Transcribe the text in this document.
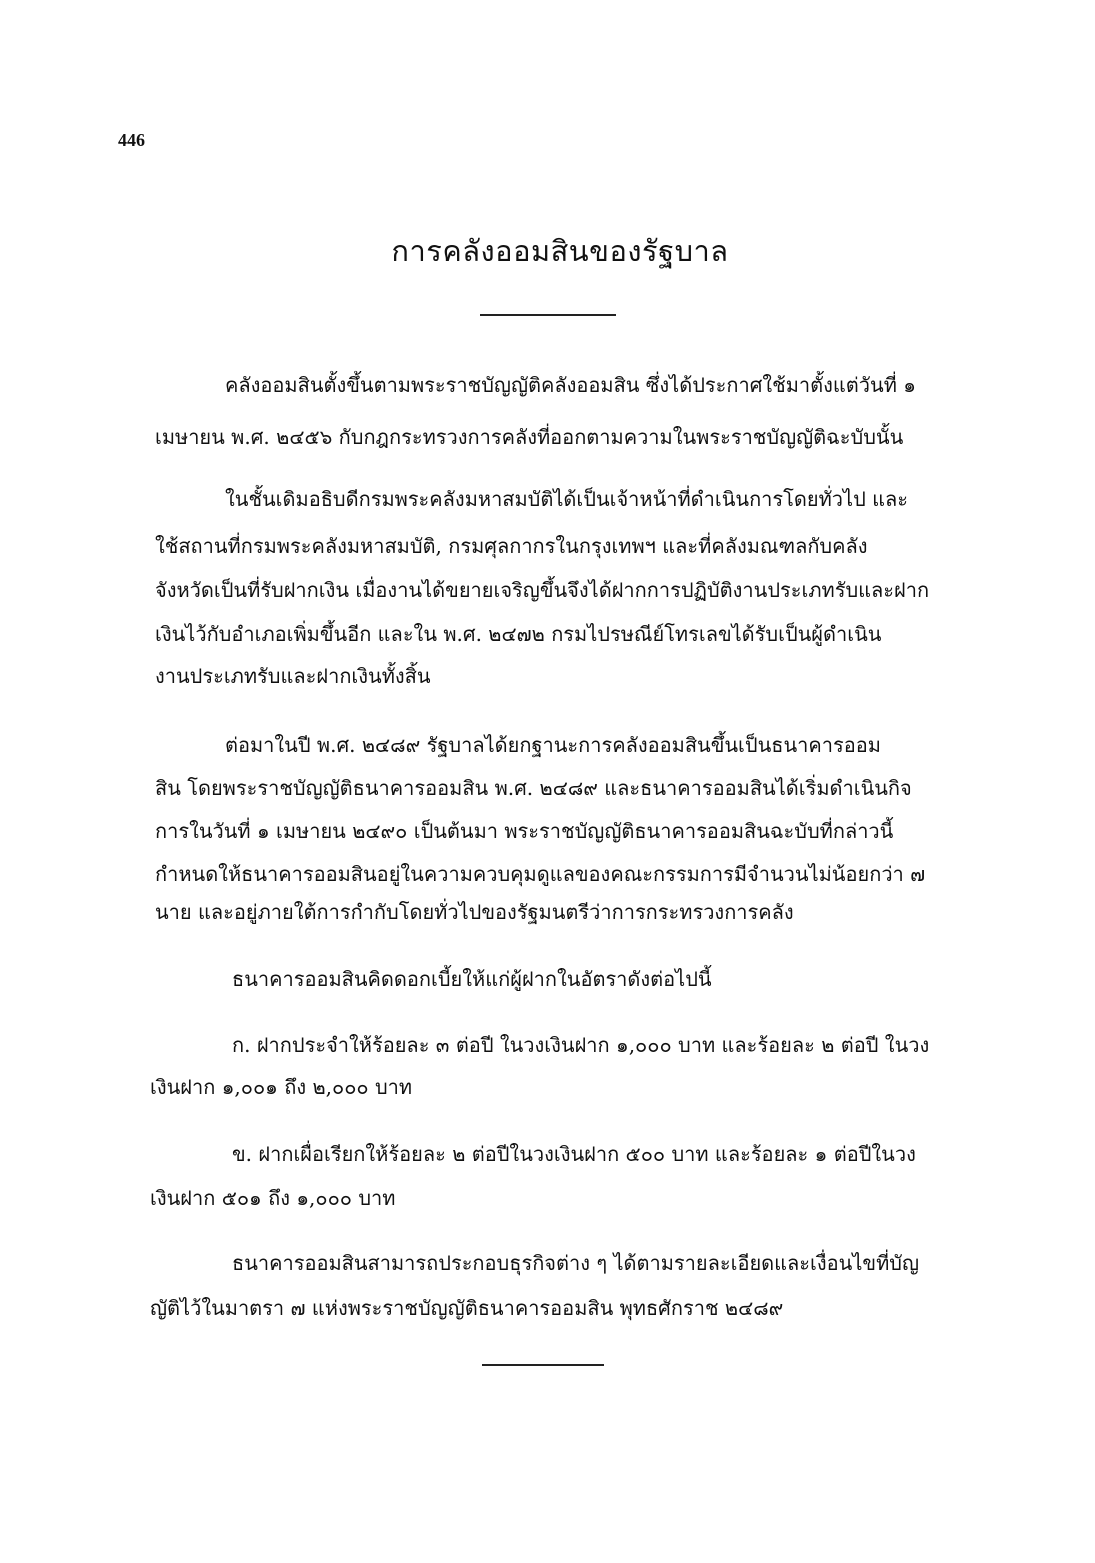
446
การคลังออมสินของรัฐบาล
คลังออมสินตั้งขึ้นตามพระราชบัญญัติคลังออมสิน ซึ่งได้ประกาศใช้มาตั้งแต่วันที่ ๑
เมษายน พ.ศ. ๒๔๕๖ กับกฎกระทรวงการคลังที่ออกตามความในพระราชบัญญัติฉะบับนั้น
ในชั้นเดิมอธิบดีกรมพระคลังมหาสมบัติได้เป็นเจ้าหน้าที่ดำเนินการโดยทั่วไป และ
ใช้สถานที่กรมพระคลังมหาสมบัติ, กรมศุลกากรในกรุงเทพฯ และที่คลังมณฑลกับคลัง
จังหวัดเป็นที่รับฝากเงิน เมื่องานได้ขยายเจริญขึ้นจึงได้ฝากการปฏิบัติงานประเภทรับและฝาก
เงินไว้กับอำเภอเพิ่มขึ้นอีก และใน พ.ศ. ๒๔๗๒ กรมไปรษณีย์โทรเลขได้รับเป็นผู้ดำเนิน
งานประเภทรับและฝากเงินทั้งสิ้น
ต่อมาในปี พ.ศ. ๒๔๘๙ รัฐบาลได้ยกฐานะการคลังออมสินขึ้นเป็นธนาคารออม
สิน โดยพระราชบัญญัติธนาคารออมสิน พ.ศ. ๒๔๘๙ และธนาคารออมสินได้เริ่มดำเนินกิจ
การในวันที่ ๑ เมษายน ๒๔๙๐ เป็นต้นมา พระราชบัญญัติธนาคารออมสินฉะบับที่กล่าวนี้
กำหนดให้ธนาคารออมสินอยู่ในความควบคุมดูแลของคณะกรรมการมีจำนวนไม่น้อยกว่า ๗
นาย และอยู่ภายใต้การกำกับโดยทั่วไปของรัฐมนตรีว่าการกระทรวงการคลัง
ธนาคารออมสินคิดดอกเบี้ยให้แก่ผู้ฝากในอัตราดังต่อไปนี้
ก. ฝากประจำให้ร้อยละ ๓ ต่อปี ในวงเงินฝาก ๑,๐๐๐ บาท และร้อยละ ๒ ต่อปี ในวง
เงินฝาก ๑,๐๐๑ ถึง ๒,๐๐๐ บาท
ข. ฝากเผื่อเรียกให้ร้อยละ ๒ ต่อปีในวงเงินฝาก ๕๐๐ บาท และร้อยละ ๑ ต่อปีในวง
เงินฝาก ๕๐๑ ถึง ๑,๐๐๐ บาท
ธนาคารออมสินสามารถประกอบธุรกิจต่าง ๆ ได้ตามรายละเอียดและเงื่อนไขที่บัญ
ญัติไว้ในมาตรา ๗ แห่งพระราชบัญญัติธนาคารออมสิน พุทธศักราช ๒๔๘๙
